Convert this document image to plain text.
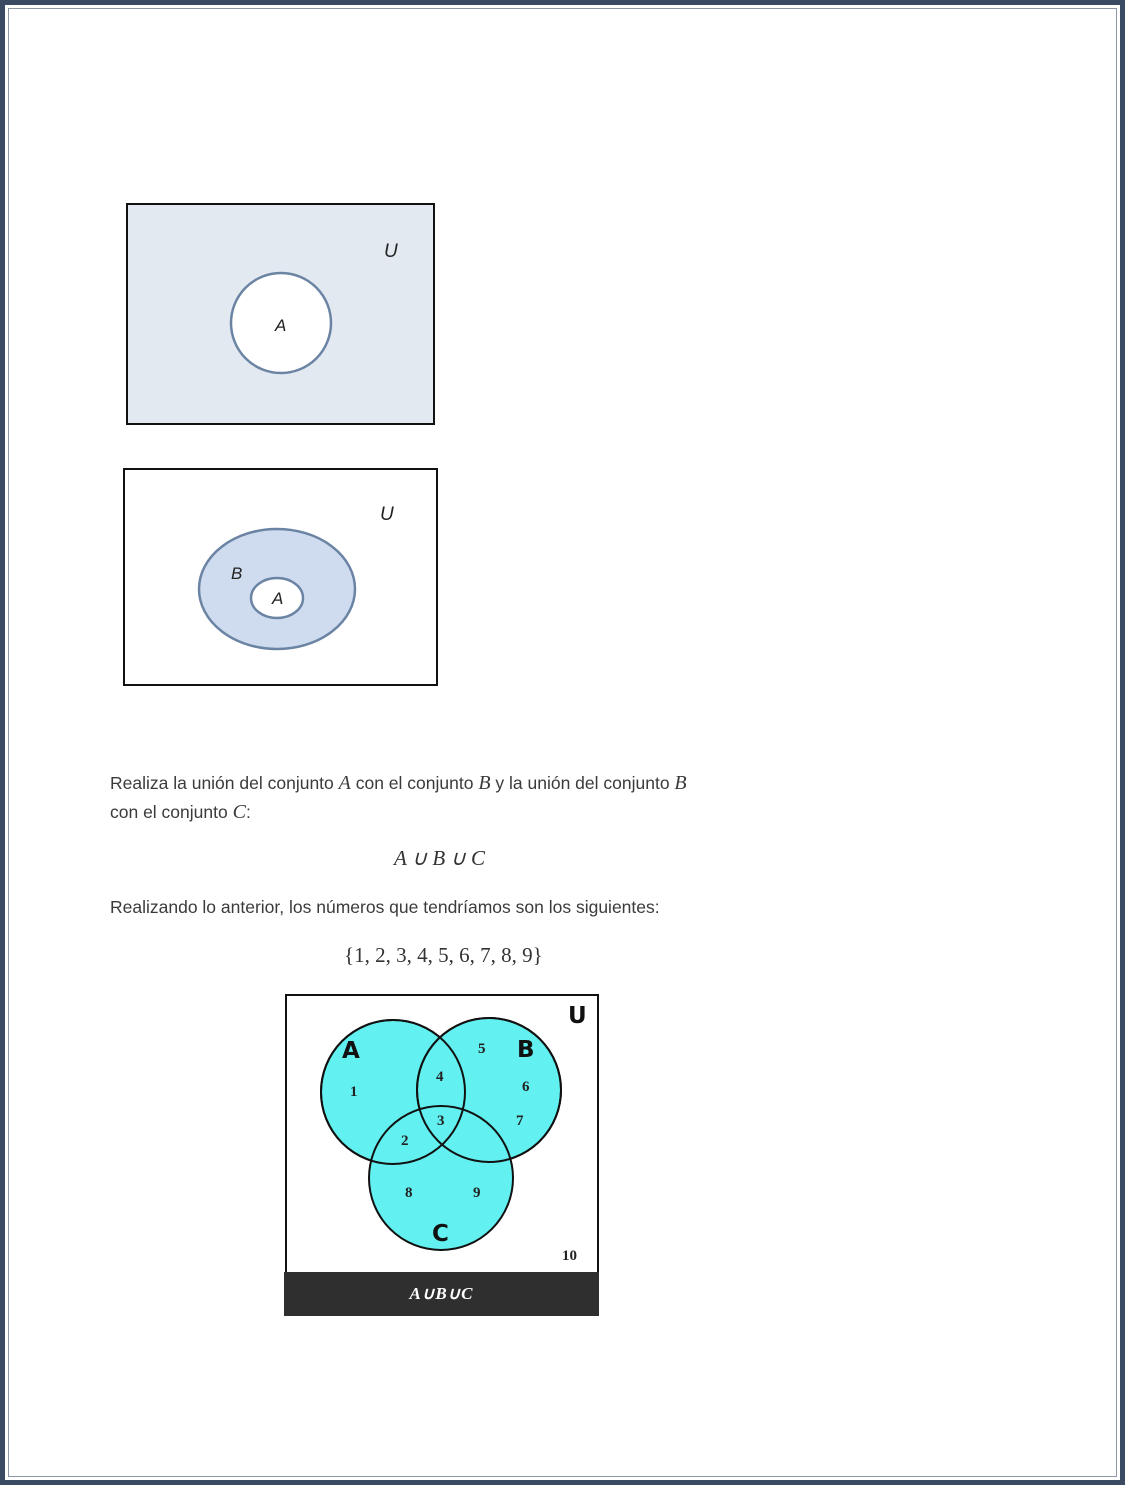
U
A
U
B
A
Realiza la unión del conjunto A con el conjunto B y la unión del conjunto B
con el conjunto C:
A ∪ B ∪ C
Realizando lo anterior, los números que tendríamos son los siguientes:
{1, 2, 3, 4, 5, 6, 7, 8, 9}
U
A	B
C
1
2
3
4
5
6
7
8	9
10
A∪B∪C
